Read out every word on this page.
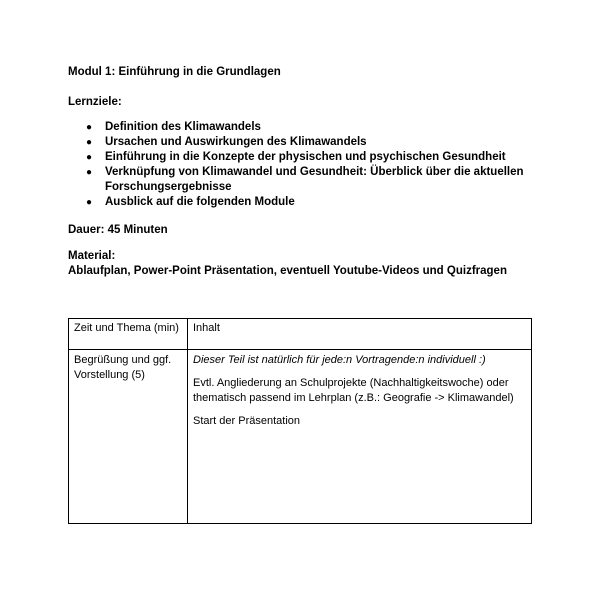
Modul 1: Einführung in die Grundlagen
Lernziele:
● Definition des Klimawandels
● Ursachen und Auswirkungen des Klimawandels
● Einführung in die Konzepte der physischen und psychischen Gesundheit
● Verknüpfung von Klimawandel und Gesundheit: Überblick über die aktuellen Forschungsergebnisse
● Ausblick auf die folgenden Module
Dauer: 45 Minuten
Material:
Ablaufplan, Power-Point Präsentation, eventuell Youtube-Videos und Quizfragen
Zeit und Thema (min)	Inhalt

Begrüßung und ggf.
Vorstellung (5)	Dieser Teil ist natürlich für jede:n Vortragende:n individuell :)
Evtl. Angliederung an Schulprojekte (Nachhaltigkeitswoche) oder
thematisch passend im Lehrplan (z.B.: Geografie -> Klimawandel)
Start der Präsentation
